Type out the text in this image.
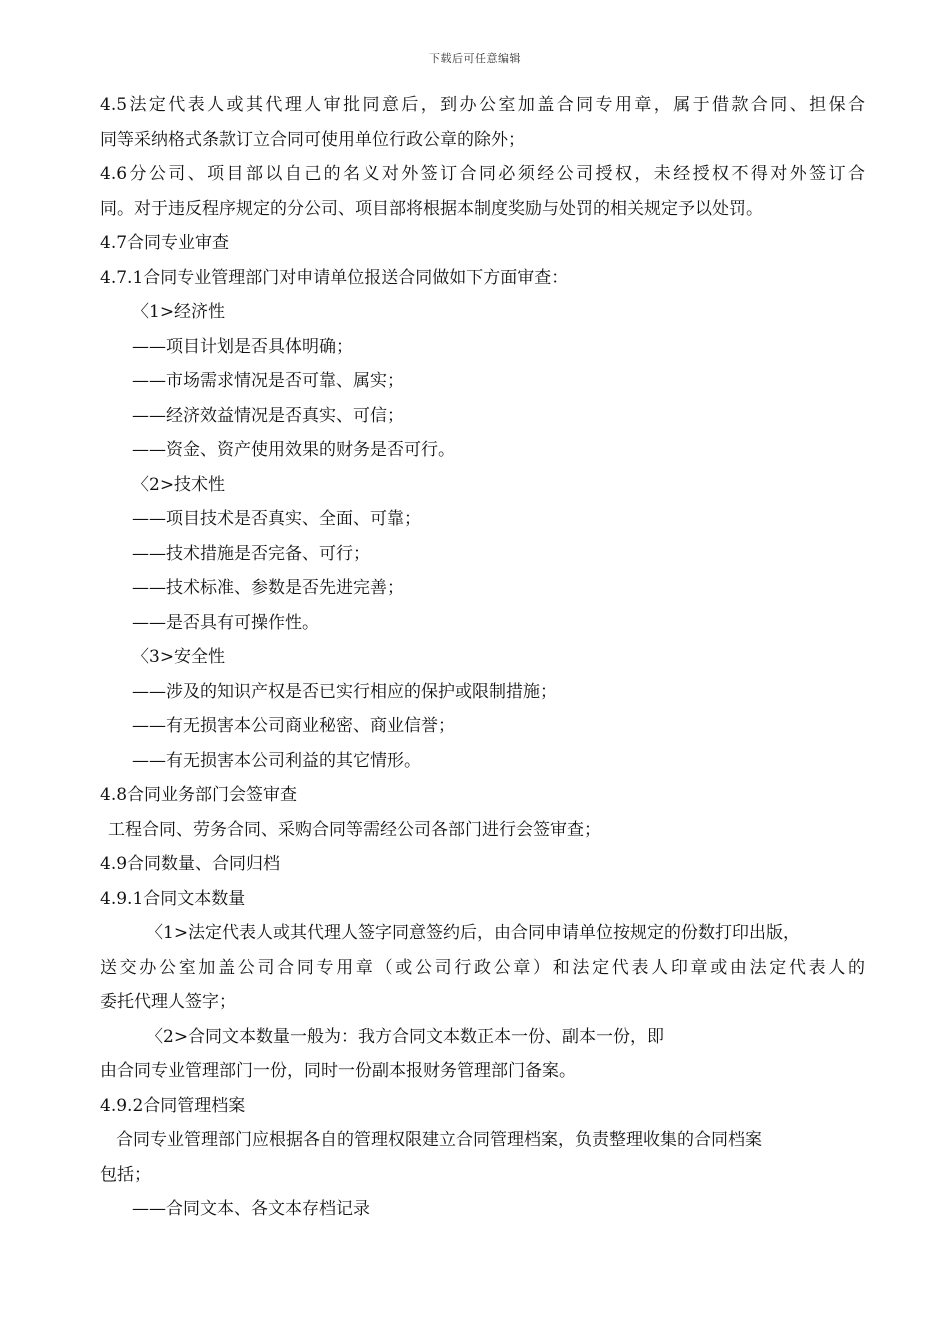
下载后可任意编辑
4.5法定代表人或其代理人审批同意后，到办公室加盖合同专用章，属于借款合同、担保合
同等采纳格式条款订立合同可使用单位行政公章的除外；
4.6分公司、项目部以自己的名义对外签订合同必须经公司授权，未经授权不得对外签订合
同。对于违反程序规定的分公司、项目部将根据本制度奖励与处罚的相关规定予以处罚。
4.7合同专业审查
4.7.1合同专业管理部门对申请单位报送合同做如下方面审查：
〈1>经济性
——项目计划是否具体明确；
——市场需求情况是否可靠、属实；
——经济效益情况是否真实、可信；
——资金、资产使用效果的财务是否可行。
〈2>技术性
——项目技术是否真实、全面、可靠；
——技术措施是否完备、可行；
——技术标准、参数是否先进完善；
——是否具有可操作性。
〈3>安全性
——涉及的知识产权是否已实行相应的保护或限制措施；
——有无损害本公司商业秘密、商业信誉；
——有无损害本公司利益的其它情形。
4.8合同业务部门会签审查
工程合同、劳务合同、采购合同等需经公司各部门进行会签审查；
4.9合同数量、合同归档
4.9.1合同文本数量
〈1>法定代表人或其代理人签字同意签约后，由合同申请单位按规定的份数打印出版，
送交办公室加盖公司合同专用章（或公司行政公章）和法定代表人印章或由法定代表人的
委托代理人签字；
〈2>合同文本数量一般为：我方合同文本数正本一份、副本一份，即
由合同专业管理部门一份，同时一份副本报财务管理部门备案。
4.9.2合同管理档案
合同专业管理部门应根据各自的管理权限建立合同管理档案，负责整理收集的合同档案
包括；
——合同文本、各文本存档记录
